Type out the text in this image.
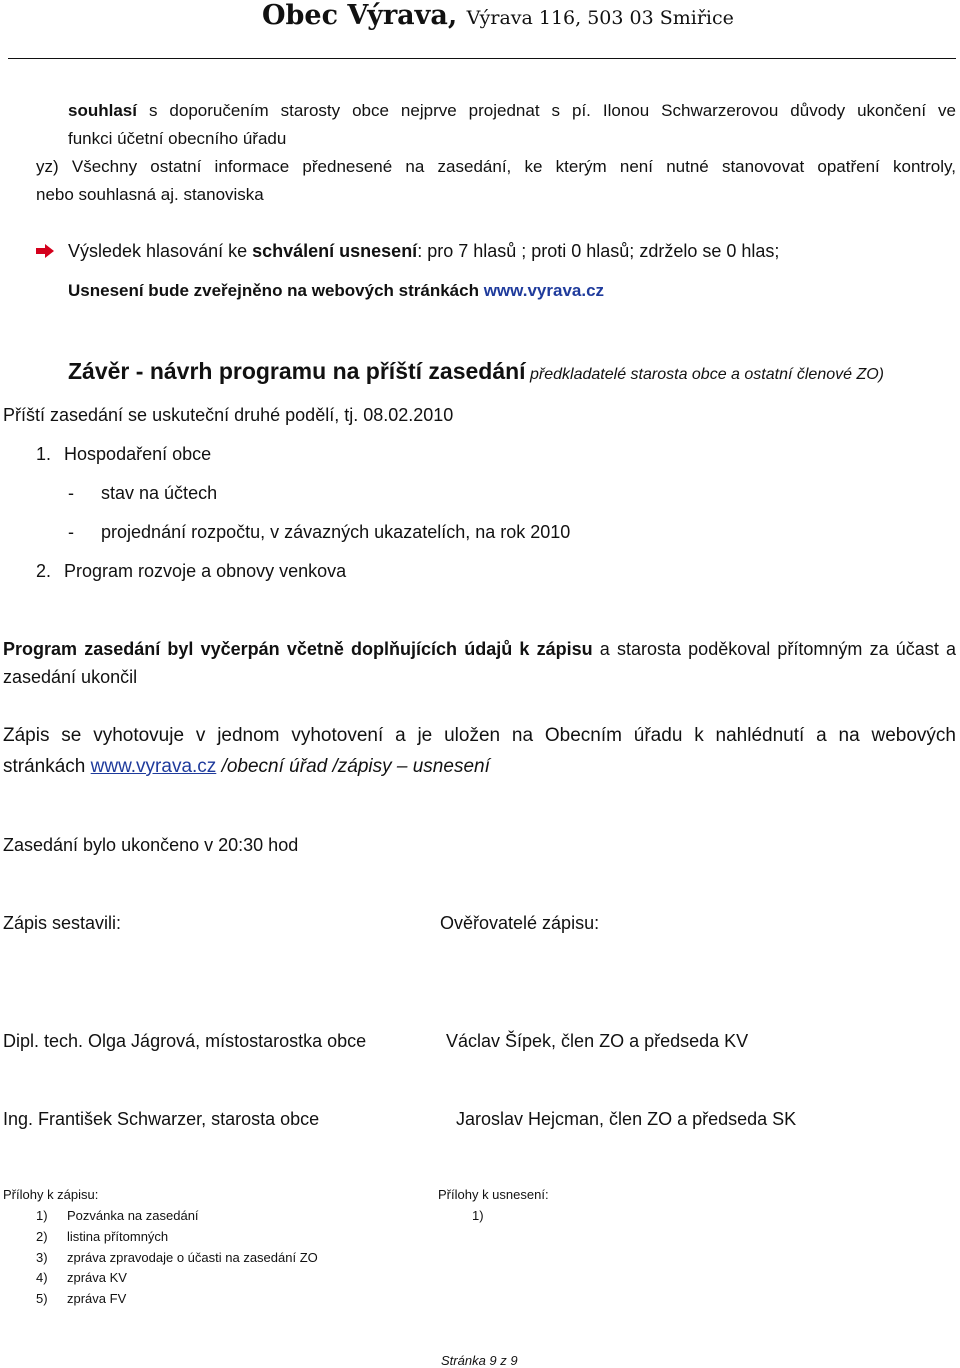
Obec Výrava, Výrava 116, 503 03 Smiřice
souhlasí s doporučením starosty obce nejprve projednat s pí. Ilonou Schwarzerovou důvody ukončení ve
funkci účetní obecního úřadu
yz) Všechny ostatní informace přednesené na zasedání, ke kterým není nutné stanovovat opatření kontroly,
nebo souhlasná aj. stanoviska
Výsledek hlasování ke schválení usnesení: pro 7 hlasů ; proti 0 hlasů; zdrželo se 0 hlas;
Usnesení bude zveřejněno na webových stránkách www.vyrava.cz
Závěr - návrh programu na příští zasedání předkladatelé starosta obce a ostatní členové ZO)
Příští zasedání se uskuteční druhé podělí, tj. 08.02.2010
1. Hospodaření obce
- stav na účtech
- projednání rozpočtu, v závazných ukazatelích, na rok 2010
2. Program rozvoje a obnovy venkova
Program zasedání byl vyčerpán včetně doplňujících údajů k zápisu a starosta poděkoval přítomným za účast a
zasedání ukončil
Zápis se vyhotovuje v jednom vyhotovení a je uložen na Obecním úřadu k nahlédnutí a na webových
stránkách www.vyrava.cz /obecní úřad /zápisy – usnesení
Zasedání bylo ukončeno v 20:30 hod
Zápis sestavili:	Ověřovatelé zápisu:
Dipl. tech. Olga Jágrová, místostarostka obce	Václav Šípek, člen ZO a předseda KV
Ing. František Schwarzer, starosta obce	Jaroslav Hejcman, člen ZO a předseda SK
Přílohy k zápisu:	Přílohy k usnesení:
1) Pozvánka na zasedání	1)
2) listina přítomných
3) zpráva zpravodaje o účasti na zasedání ZO
4) zpráva KV
5) zpráva FV
Stránka 9 z 9
